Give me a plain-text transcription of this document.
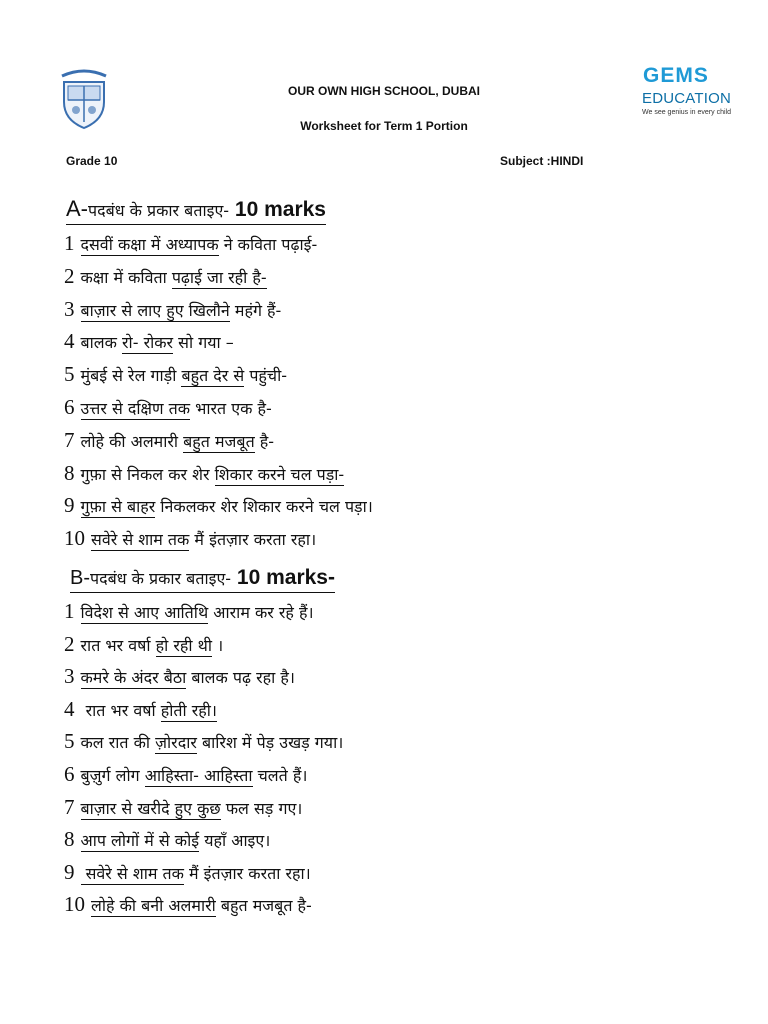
GEMS
EDUCATION
We see genius in every child
OUR OWN HIGH SCHOOL, DUBAI
Worksheet for Term 1 Portion
Grade 10	Subject :HINDI
A-पदबंध के प्रकार बताइए- 10 marks
1 दसवीं कक्षा में अध्यापक ने कविता पढ़ाई-
2 कक्षा में कविता पढ़ाई जा रही है-
3 बाज़ार से लाए हुए खिलौने महंगे हैं-
4 बालक रो- रोकर सो गया –
5 मुंबई से रेल गाड़ी बहुत देर से पहुंची-
6 उत्तर से दक्षिण तक भारत एक है-
7 लोहे की अलमारी बहुत मजबूत है-
8 गुफ़ा से निकल कर शेर शिकार करने चल पड़ा-
9 गुफ़ा से बाहर निकलकर शेर शिकार करने चल पड़ा।
10 सवेरे से शाम तक मैं इंतज़ार करता रहा।
B-पदबंध के प्रकार बताइए- 10 marks-
1 विदेश से आए आतिथि आराम कर रहे हैं।
2 रात भर वर्षा हो रही थी ।
3 कमरे के अंदर बैठा बालक पढ़ रहा है।
4 रात भर वर्षा होती रही।
5 कल रात की ज़ोरदार बारिश में पेड़ उखड़ गया।
6 बुज़ुर्ग लोग आहिस्ता- आहिस्ता चलते हैं।
7 बाज़ार से खरीदे हुए कुछ फल सड़ गए।
8 आप लोगों में से कोई यहाँ आइए।
9 सवेरे से शाम तक मैं इंतज़ार करता रहा।
10 लोहे की बनी अलमारी बहुत मजबूत है-
